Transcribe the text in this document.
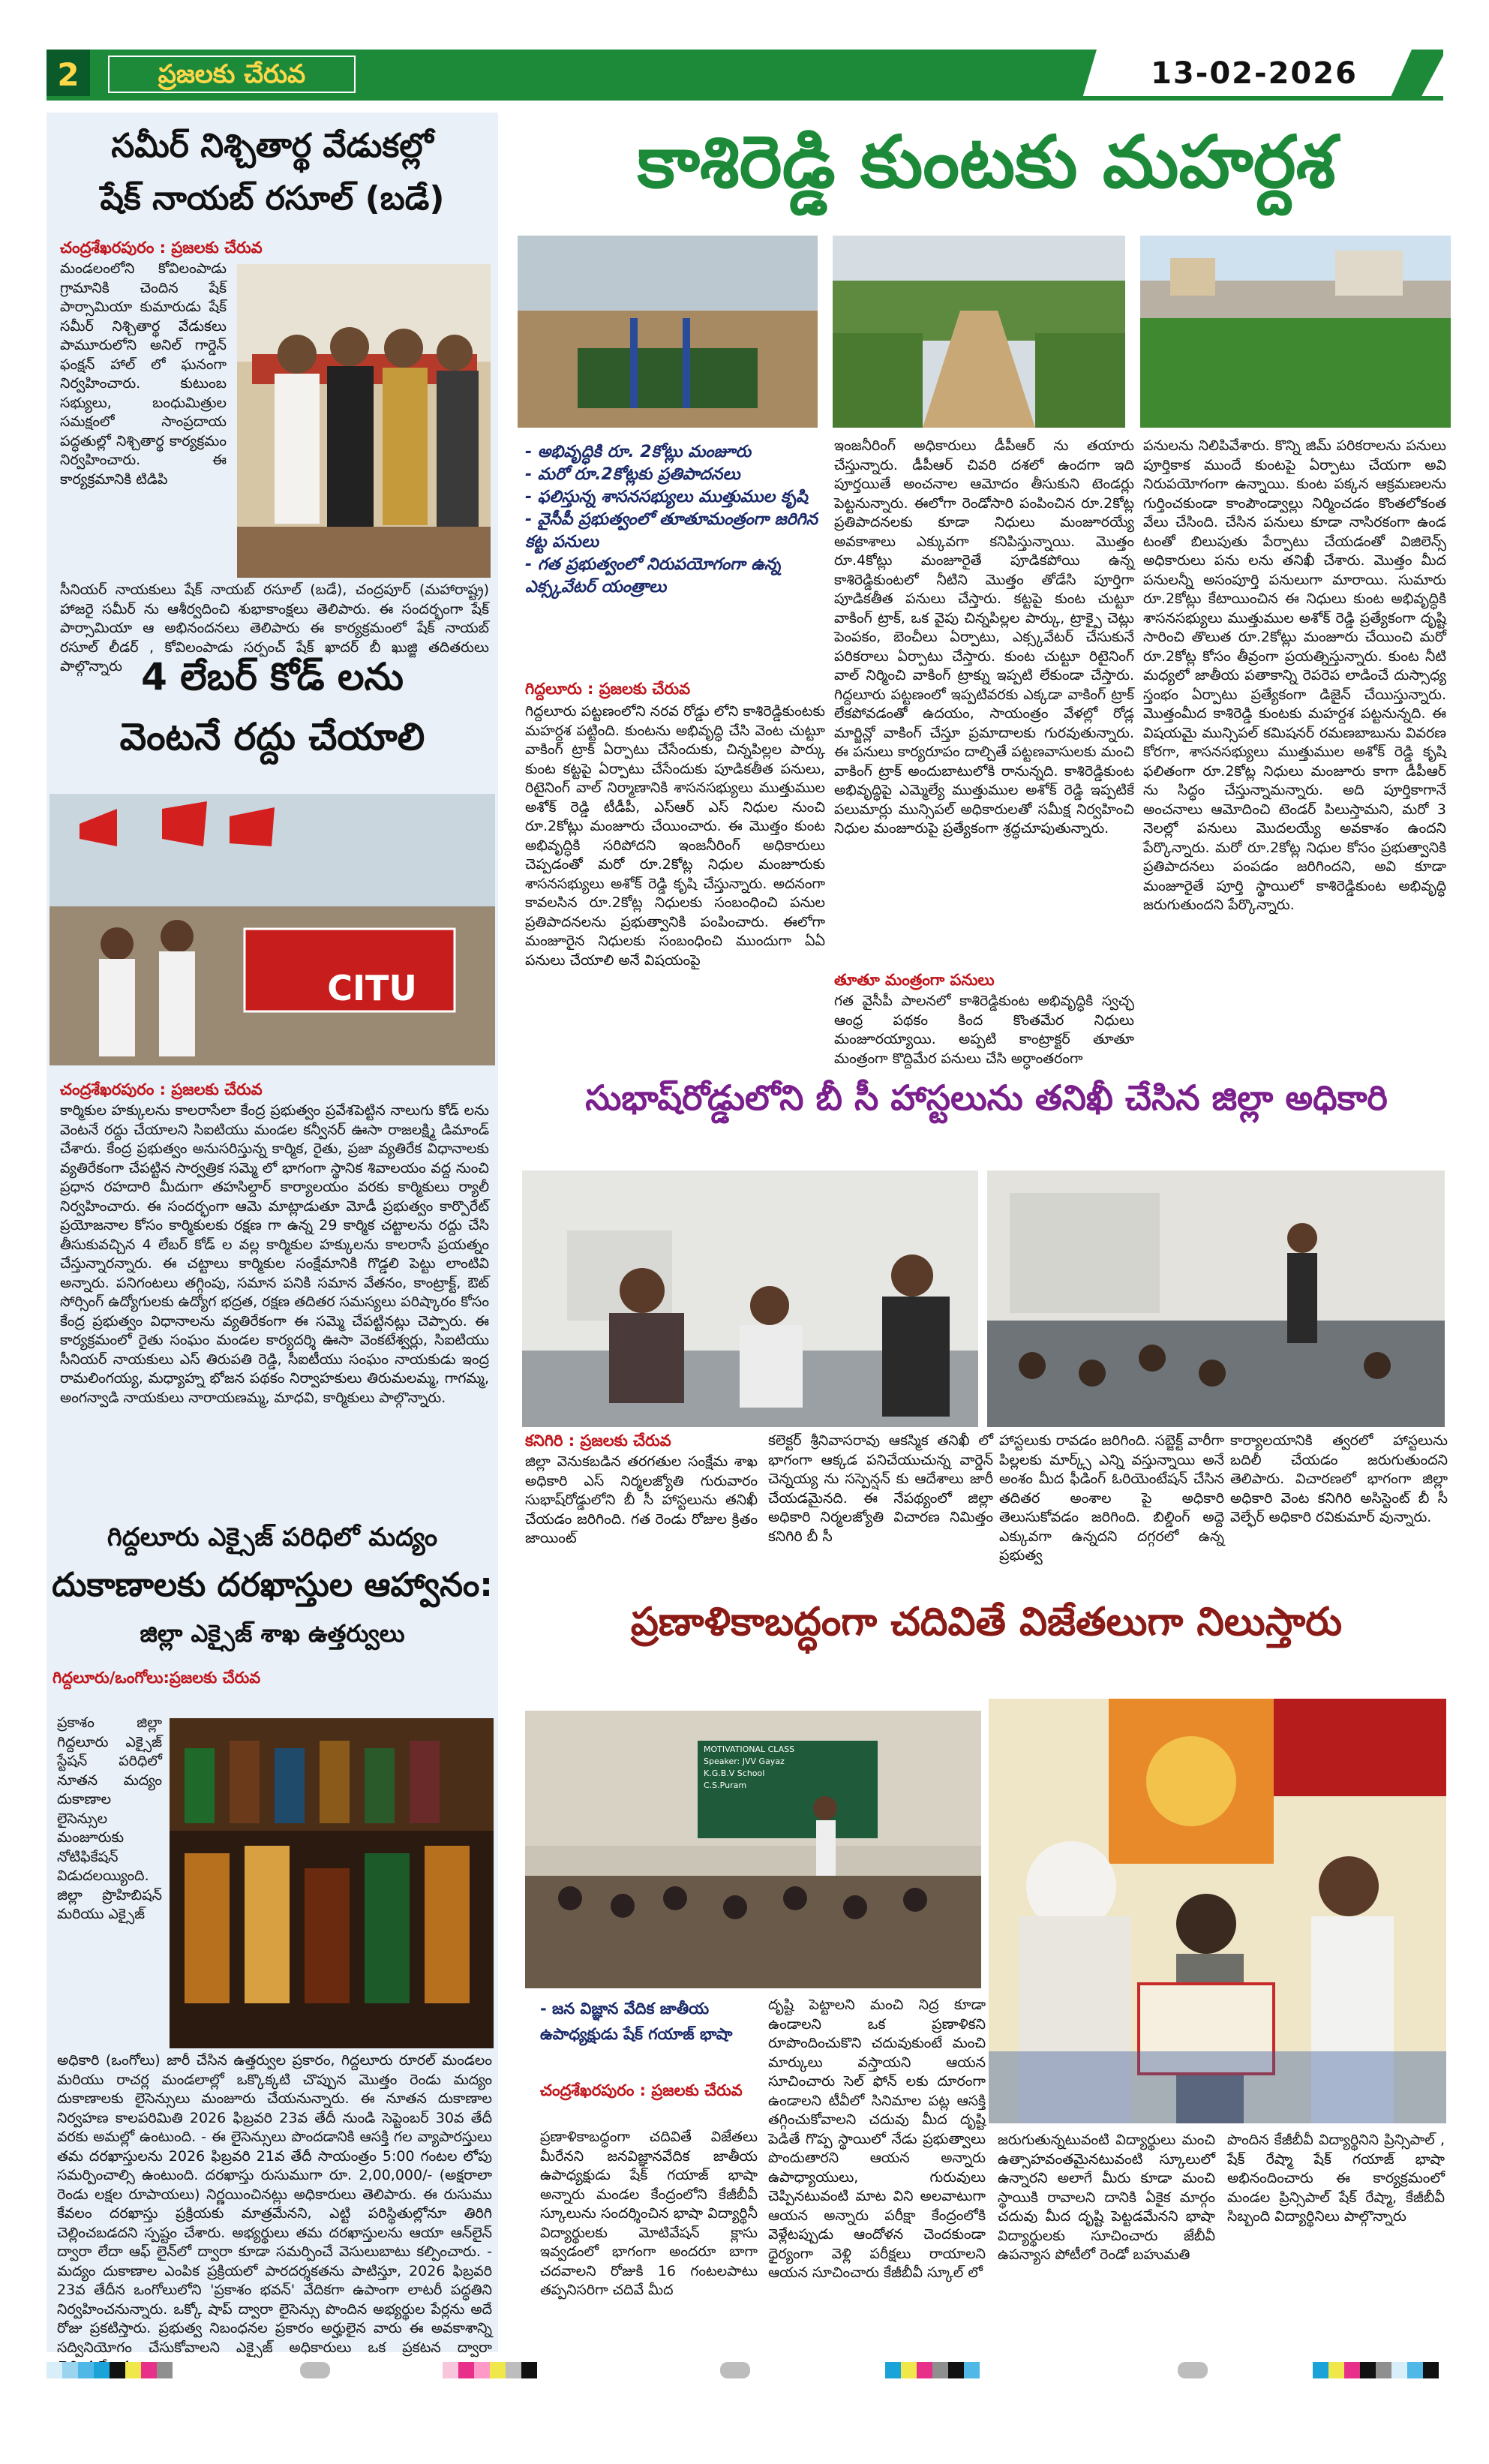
2	ప్రజలకు చేరువ	13-02-2026
సమీర్ నిశ్చితార్థ వేడుకల్లో
షేక్ నాయబ్ రసూల్ (బడే)
చంద్రశేఖరపురం : ప్రజలకు చేరువ
మండలంలోని కోవిలంపాడు గ్రామానికి చెందిన షేక్ పార్సామియా కుమారుడు షేక్ సమీర్ నిశ్చితార్థ వేడుకలు పామూరులోని అనిల్ గార్డెన్ ఫంక్షన్ హాల్ లో ఘనంగా నిర్వహించారు. కుటుంబ సభ్యులు, బంధుమిత్రుల సమక్షంలో సాంప్రదాయ పద్ధతుల్లో నిశ్చితార్థ కార్యక్రమం నిర్వహించారు. ఈ కార్యక్రమానికి టిడిపి
సీనియర్ నాయకులు షేక్ నాయబ్ రసూల్ (బడే), చంద్రపూర్ (మహారాష్ట్ర) హాజరై సమీర్ ను ఆశీర్వదించి శుభాకాంక్షలు తెలిపారు. ఈ సందర్భంగా షేక్ పార్సామియా ఆ అభినందనలు తెలిపారు ఈ కార్యక్రమంలో షేక్ నాయబ్ రసూల్ లీడర్ , కోవిలంపాడు సర్పంచ్ షేక్ ఖాదర్ బీ ఖుజ్జి తదితరులు పాల్గొన్నారు 4 లేబర్ కోడ్ లను
వెంటనే రద్దు చేయాలి
CITU
చంద్రశేఖరపురం : ప్రజలకు చేరువ
కార్మికుల హక్కులను కాలరాసేలా కేంద్ర ప్రభుత్వం ప్రవేశపెట్టిన నాలుగు కోడ్ లను వెంటనే రద్దు చేయాలని సిఐటియు మండల కన్వీనర్ ఊసా రాజలక్ష్మి డిమాండ్ చేశారు. కేంద్ర ప్రభుత్వం అనుసరిస్తున్న కార్మిక, రైతు, ప్రజా వ్యతిరేక విధానాలకు వ్యతిరేకంగా చేపట్టిన సార్వత్రిక సమ్మె లో భాగంగా స్థానిక శివాలయం వద్ద నుంచి ప్రధాన రహదారి మీదుగా తహసిల్దార్ కార్యాలయం వరకు కార్మికులు ర్యాలీ నిర్వహించారు. ఈ సందర్భంగా ఆమె మాట్లాడుతూ మోడీ ప్రభుత్వం కార్పొరేట్ ప్రయోజనాల కోసం కార్మికులకు రక్షణ గా ఉన్న 29 కార్మిక చట్టాలను రద్దు చేసి తీసుకువచ్చిన 4 లేబర్ కోడ్ ల వల్ల కార్మికుల హక్కులను కాలరాసే ప్రయత్నం చేస్తున్నారన్నారు. ఈ చట్టాలు కార్మికుల సంక్షేమానికి గొడ్డలి పెట్టు లాంటివి అన్నారు. పనిగంటలు తగ్గింపు, సమాన పనికి సమాన వేతనం, కాంట్రాక్ట్, ఔట్ సోర్సింగ్ ఉద్యోగులకు ఉద్యోగ భద్రత, రక్షణ తదితర సమస్యలు పరిష్కారం కోసం కేంద్ర ప్రభుత్వం విధానాలను వ్యతిరేకంగా ఈ సమ్మె చేపట్టినట్లు చెప్పారు. ఈ కార్యక్రమంలో రైతు సంఘం మండల కార్యదర్శి ఊసా వెంకటేశ్వర్లు, సిఐటియు సీనియర్ నాయకులు ఎస్ తిరుపతి రెడ్డి, సీఐటీయు సంఘం నాయకుడు ఇంద్ర రామలింగయ్య, మధ్యాహ్న భోజన పథకం నిర్వాహకులు తిరుమలమ్మ, గాగమ్మ, అంగన్వాడి నాయకులు నారాయణమ్మ, మాధవి, కార్మికులు పాల్గొన్నారు.
గిద్దలూరు ఎక్సైజ్ పరిధిలో మద్యం
దుకాణాలకు దరఖాస్తుల ఆహ్వానం:
జిల్లా ఎక్సైజ్ శాఖ ఉత్తర్వులు
గిద్దలూరు/ఒంగోలు:ప్రజలకు చేరువ
ప్రకాశం జిల్లా గిద్దలూరు ఎక్సైజ్ స్టేషన్ పరిధిలో నూతన మద్యం దుకాణాల లైసెన్సుల మంజూరుకు నోటిఫికేషన్ విడుదలయ్యింది. జిల్లా ప్రొహిబిషన్ మరియు ఎక్సైజ్
అధికారి (ఒంగోలు) జారీ చేసిన ఉత్తర్వుల ప్రకారం, గిద్దలూరు రూరల్ మండలం మరియు రాచర్ల మండలాల్లో ఒక్కొక్కటి చొప్పున మొత్తం రెండు మద్యం దుకాణాలకు లైసెన్సులు మంజూరు చేయనున్నారు. ఈ నూతన దుకాణాల నిర్వహణ కాలపరిమితి 2026 ఫిబ్రవరి 23వ తేదీ నుండి సెప్టెంబర్ 30వ తేదీ వరకు అమల్లో ఉంటుంది. - ఈ లైసెన్సులు పొందడానికి ఆసక్తి గల వ్యాపారస్తులు తమ దరఖాస్తులను 2026 ఫిబ్రవరి 21వ తేదీ సాయంత్రం 5:00 గంటల లోపు సమర్పించాల్సి ఉంటుంది. దరఖాస్తు రుసుముగా రూ. 2,00,000/- (అక్షరాలా రెండు లక్షల రూపాయలు) నిర్ణయించినట్లు అధికారులు తెలిపారు. ఈ రుసుము కేవలం దరఖాస్తు ప్రక్రియకు మాత్రమేనని, ఎట్టి పరిస్థితుల్లోనూ తిరిగి చెల్లించబడదని స్పష్టం చేశారు. అభ్యర్థులు తమ దరఖాస్తులను ఆయా ఆన్‌లైన్ ద్వారా లేదా ఆఫ్ లైన్‌లో ద్వారా కూడా సమర్పించే వెసులుబాటు కల్పించారు. - మద్యం దుకాణాల ఎంపిక ప్రక్రియలో పారదర్శకతను పాటిస్తూ, 2026 ఫిబ్రవరి 23వ తేదీన ఒంగోలులోని 'ప్రకాశం భవన్' వేదికగా ఉపాంగా లాటరీ పద్ధతిని నిర్వహించనున్నారు. ఒక్కో షాప్ ద్వారా లైసెన్సు పొందిన అభ్యర్థుల పేర్లను అదే రోజు ప్రకటిస్తారు. ప్రభుత్వ నిబంధనల ప్రకారం అర్హులైన వారు ఈ అవకాశాన్ని సద్వినియోగం చేసుకోవాలని ఎక్సైజ్ అధికారులు ఒక ప్రకటన ద్వారా
కాశిరెడ్డి కుంటకు మహర్దశ
- అభివృద్ధికి రూ. 2కోట్లు మంజూరు
- మరో రూ.2కోట్లకు ప్రతిపాదనలు
- ఫలిస్తున్న శాసనసభ్యులు ముత్తుముల కృషి
- వైసీపీ ప్రభుత్వంలో తూతూమంత్రంగా జరిగిన కట్ట పనులు
- గత ప్రభుత్వంలో నిరుపయోగంగా ఉన్న ఎక్స్కవేటర్ యంత్రాలు
గిద్దలూరు : ప్రజలకు చేరువ
గిద్దలూరు పట్టణంలోని నరవ రోడ్డు లోని కాశిరెడ్డికుంటకు మహర్దశ పట్టింది. కుంటను అభివృద్ధి చేసి వెంట చుట్టూ వాకింగ్ ట్రాక్ ఏర్పాటు చేసేందుకు, చిన్నపిల్లల పార్కు కుంట కట్టపై ఏర్పాటు చేసేందుకు పూడికతీత పనులు, రిటైనింగ్ వాల్ నిర్మాణానికి శాసనసభ్యులు ముత్తుముల అశోక్ రెడ్డి టీడీపీ, ఎస్ఆర్ ఎస్ నిధుల నుంచి రూ.2కోట్లు మంజూరు చేయించారు. ఈ మొత్తం కుంట అభివృద్ధికి సరిపోదని ఇంజనీరింగ్ అధికారులు చెప్పడంతో మరో రూ.2కోట్ల నిధుల మంజూరుకు శాసనసభ్యులు అశోక్ రెడ్డి కృషి చేస్తున్నారు. అదనంగా కావలసిన రూ.2కోట్ల నిధులకు సంబంధించి పనుల ప్రతిపాదనలను ప్రభుత్వానికి పంపించారు. ఈలోగా మంజూరైన నిధులకు సంబంధించి ముందుగా ఏఏ పనులు చేయాలి అనే విషయంపై
ఇంజనీరింగ్ అధికారులు డీపీఆర్ ను తయారు చేస్తున్నారు. డీపీఆర్ చివరి దశలో ఉందగా ఇది పూర్తయితే అంచనాల ఆమోదం తీసుకుని టెండర్లు పెట్టనున్నారు. ఈలోగా రెండోసారి పంపించిన రూ.2కోట్ల ప్రతిపాదనలకు కూడా నిధులు మంజూరయ్యే అవకాశాలు ఎక్కువగా కనిపిస్తున్నాయి. మొత్తం రూ.4కోట్లు మంజూరైతే పూడికపోయి ఉన్న కాశిరెడ్డికుంటలో నీటిని మొత్తం తోడేసి పూర్తిగా పూడికతీత పనులు చేస్తారు. కట్టపై కుంట చుట్టూ వాకింగ్ ట్రాక్, ఒక వైపు చిన్నపిల్లల పార్కు, ట్రాక్పై చెట్లు పెంపకం, బెంచీలు ఏర్పాటు, ఎక్స్కవేటర్ చేసుకునే పరికరాలు ఏర్పాటు చేస్తారు. కుంట చుట్టూ రిటైనింగ్ వాల్ నిర్మించి వాకింగ్ ట్రాక్ను ఇప్పటి లేకుండా చేస్తారు. గిద్దలూరు పట్టణంలో ఇప్పటివరకు ఎక్కడా వాకింగ్ ట్రాక్ లేకపోవడంతో ఉదయం, సాయంత్రం వేళల్లో రోడ్ల మార్జిన్లో వాకింగ్ చేస్తూ ప్రమాదాలకు గురవుతున్నారు. ఈ పనులు కార్యరూపం దాల్చితే పట్టణవాసులకు మంచి వాకింగ్ ట్రాక్ అందుబాటులోకి రానున్నది. కాశిరెడ్డికుంట అభివృద్ధిపై ఎమ్మెల్యే ముత్తుముల అశోక్ రెడ్డి ఇప్పటికే పలుమార్లు మున్సిపల్ అధికారులతో సమీక్ష నిర్వహించి నిధుల మంజూరుపై ప్రత్యేకంగా శ్రద్ధచూపుతున్నారు.
తూతూ మంత్రంగా పనులు
గత వైసీపీ పాలనలో కాశిరెడ్డికుంట అభివృద్ధికి స్వచ్ఛ ఆంధ్ర పథకం కింద కొంతమేర నిధులు మంజూరయ్యాయి. అప్పటి కాంట్రాక్టర్ తూతూ మంత్రంగా కొద్దిమేర పనులు చేసి అర్ధాంతరంగా
పనులను నిలిపివేశారు. కొన్ని జిమ్ పరికరాలను పనులు పూర్తికాక ముందే కుంటపై ఏర్పాటు చేయగా అవి నిరుపయోగంగా ఉన్నాయి. కుంట పక్కన ఆక్రమణలను గుర్తించకుండా కాంపౌండ్వాల్లు నిర్మించడం కొంతలోకంత వేలు చేసింది. చేసిన పనులు కూడా నాసిరకంగా ఉండ టంతో బిలుపుతు పేర్పాటు చేయడంతో విజిలెన్స్ అధికారులు పను లను తనిఖీ చేశారు. మొత్తం మీద పనులన్నీ అసంపూర్తి పనులుగా మారాయి. సుమారు రూ.2కోట్లు కేటాయించిన ఈ నిధులు కుంట అభివృద్ధికి శాసనసభ్యులు ముత్తుముల అశోక్ రెడ్డి ప్రత్యేకంగా దృష్టి సారించి తొలుత రూ.2కోట్లు మంజూరు చేయించి మరో రూ.2కోట్ల కోసం తీవ్రంగా ప్రయత్నిస్తున్నారు. కుంట నీటి మధ్యలో జాతీయ పతాకాన్ని రెపరెప లాడించే దుస్సాధ్య స్తంభం ఏర్పాటు ప్రత్యేకంగా డిజైన్ చేయిస్తున్నారు. మొత్తంమీద కాశిరెడ్డి కుంటకు మహర్దశ పట్టనున్నది. ఈ విషయమై మున్సిపల్ కమిషనర్ రమణబాబును వివరణ కోరగా, శాసనసభ్యులు ముత్తుముల అశోక్ రెడ్డి కృషి ఫలితంగా రూ.2కోట్ల నిధులు మంజూరు కాగా డీపీఆర్ ను సిద్ధం చేస్తున్నామన్నారు. అది పూర్తికాగానే అంచనాలు ఆమోదించి టెండర్ పిలుస్తామని, మరో 3 నెలల్లో పనులు మొదలయ్యే అవకాశం ఉందని పేర్కొన్నారు. మరో రూ.2కోట్ల నిధుల కోసం ప్రభుత్వానికి ప్రతిపాదనలు పంపడం జరిగిందని, అవి కూడా మంజూరైతే పూర్తి స్థాయిలో కాశిరెడ్డికుంట అభివృద్ధి జరుగుతుందని పేర్కొన్నారు.
సుభాష్‌రోడ్డులోని బీ సీ హాస్టలును తనిఖీ చేసిన జిల్లా అధికారి
కనిగిరి : ప్రజలకు చేరువ
జిల్లా వెనుకబడిన తరగతుల సంక్షేమ శాఖ అధికారి ఎస్ నిర్మలజ్యోతి గురువారం సుభాష్‌రోడ్డులోని బీ సీ హాస్టలును తనిఖీ చేయడం జరిగింది. గత రెండు రోజుల క్రితం జాయింట్
కలెక్టర్ శ్రీనివాసరావు ఆకస్మిక తనిఖీ లో భాగంగా ఆక్కడ పనిచేయుచున్న వార్డెన్ చెన్నయ్య ను సస్పెన్షన్ కు ఆదేశాలు జారీ చేయడమైనది. ఈ నేపథ్యంలో జిల్లా అధికారి నిర్మలజ్యోతి విచారణ నిమిత్తం కనిగిరి బీ సీ
హాస్టలుకు రావడం జరిగింది. సబ్జెక్ట్ వారీగా పిల్లలకు మార్క్స్ ఎన్ని వస్తున్నాయి అనే అంశం మీద ఫీడింగ్ ఓరియెంటేషన్ చేసిన తదితర అంశాల పై అధికారి తెలుసుకోవడం జరిగింది. బిల్డింగ్ అద్దె ఎక్కువగా ఉన్నదని దగ్గరలో ఉన్న ప్రభుత్వ
కార్యాలయానికి త్వరలో హాస్టలును బదిలీ చేయడం జరుగుతుందని తెలిపారు. విచారణలో భాగంగా జిల్లా అధికారి వెంట కనిగిరి అసిస్టెంట్ బీ సీ వెల్ఫేర్ అధికారి రవికుమార్ వున్నారు.
ప్రణాళికాబద్ధంగా చదివితే విజేతలుగా నిలుస్తారు
MOTIVATIONAL CLASS
Speaker: JVV Gayaz
K.G.B.V School
C.S.Puram
- జన విజ్ఞాన వేదిక జాతీయ ఉపాధ్యక్షుడు షేక్ గయాజ్ భాషా
చంద్రశేఖరపురం : ప్రజలకు చేరువ
ప్రణాళికాబద్ధంగా చదివితే విజేతలు మీరేనని జనవిజ్ఞానవేదిక జాతీయ ఉపాధ్యక్షుడు షేక్ గయాజ్ భాషా అన్నారు మండల కేంద్రంలోని కేజీబీవీ స్కూలును సందర్శించిన భాషా విద్యార్థినీ విద్యార్థులకు మోటివేషన్ క్లాసు ఇవ్వడంలో భాగంగా అందరూ బాగా చదవాలని రోజుకి 16 గంటలపాటు తప్పనిసరిగా చదివే మీద
దృష్టి పెట్టాలని మంచి నిద్ర కూడా ఉండాలని ఒక ప్రణాళికని రూపొందించుకొని చదువుకుంటే మంచి మార్కులు వస్తాయని ఆయన సూచించారు సెల్ ఫోన్ లకు దూరంగా ఉండాలని టీవీలో సినిమాల పట్ల ఆసక్తి తగ్గించుకోవాలని చదువు మీద దృష్టి పెడితే గొప్ప స్థాయిలో నేడు ప్రభుత్వాలు పొందుతారని ఆయన అన్నారు ఉపాధ్యాయులు, గురువులు చెప్పినటువంటి మాట విని అలవాటుగా ఆయన అన్నారు పరీక్షా కేంద్రంలోకి వెళ్లేటప్పుడు ఆందోళన చెందకుండా ధైర్యంగా వెళ్లి పరీక్షలు రాయాలని ఆయన సూచించారు కేజీబీవీ స్కూల్ లో
జరుగుతున్నటువంటి విద్యార్థులు మంచి ఉత్సాహవంతమైనటువంటి స్కూలులో ఉన్నారని అలాగే మీరు కూడా మంచి స్థాయికి రావాలని దానికి ఏకైక మార్గం చదువు మీద దృష్టి పెట్టడమేనని భాషా విద్యార్థులకు సూచించారు జేబీవీ ఉపన్యాస పోటీలో రెండో బహుమతి
పొందిన కేజీబీవీ విద్యార్థినిని ప్రిన్సిపాల్ , షేక్ రేష్మా షేక్ గయాజ్ భాషా అభినందించారు ఈ కార్యక్రమంలో మండల ప్రిన్సిపాల్ షేక్ రేష్మా, కేజీబీవీ సిబ్బంది విద్యార్థినిలు పాల్గొన్నారు
